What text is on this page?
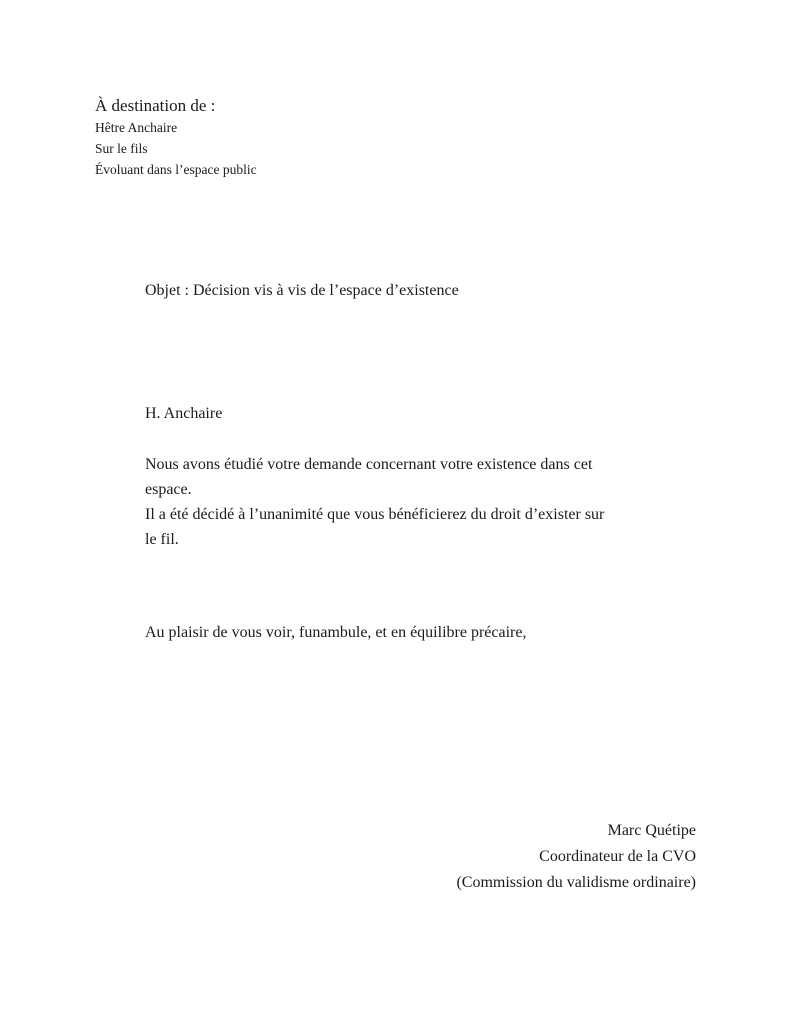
À destination de :
Hêtre Anchaire
Sur le fils
Évoluant dans l’espace public
Objet : Décision vis à vis de l’espace d’existence
H. Anchaire
Nous avons étudié votre demande concernant votre existence dans cet
espace.
Il a été décidé à l’unanimité que vous bénéficierez du droit d’exister sur
le fil.
Au plaisir de vous voir, funambule, et en équilibre précaire,
Marc Quétipe
Coordinateur de la CVO
(Commission du validisme ordinaire)
